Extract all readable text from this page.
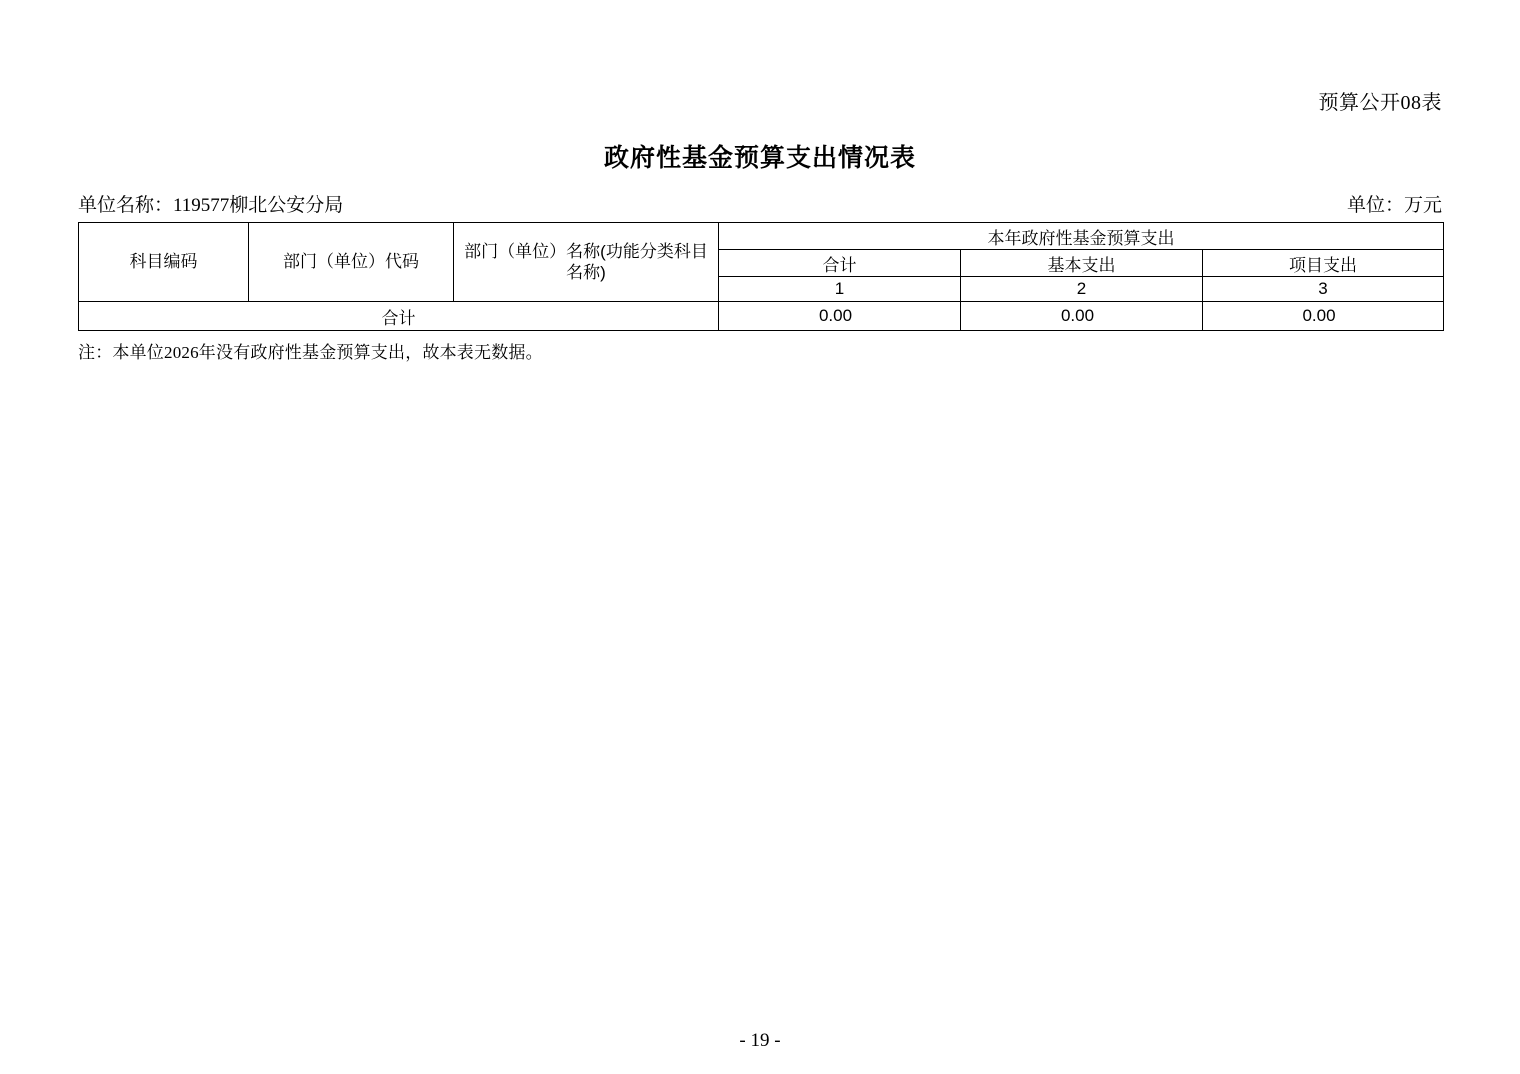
预算公开08表
政府性基金预算支出情况表
单位名称：119577柳北公安分局	单位：万元
科目编码	部门（单位）代码	部门（单位）名称(功能分类科目名称)	本年政府性基金预算支出		
			合计	基本支出	项目支出
			1	2	3
合计			0.00	0.00	0.00
注：本单位2026年没有政府性基金预算支出，故本表无数据。
- 19 -
